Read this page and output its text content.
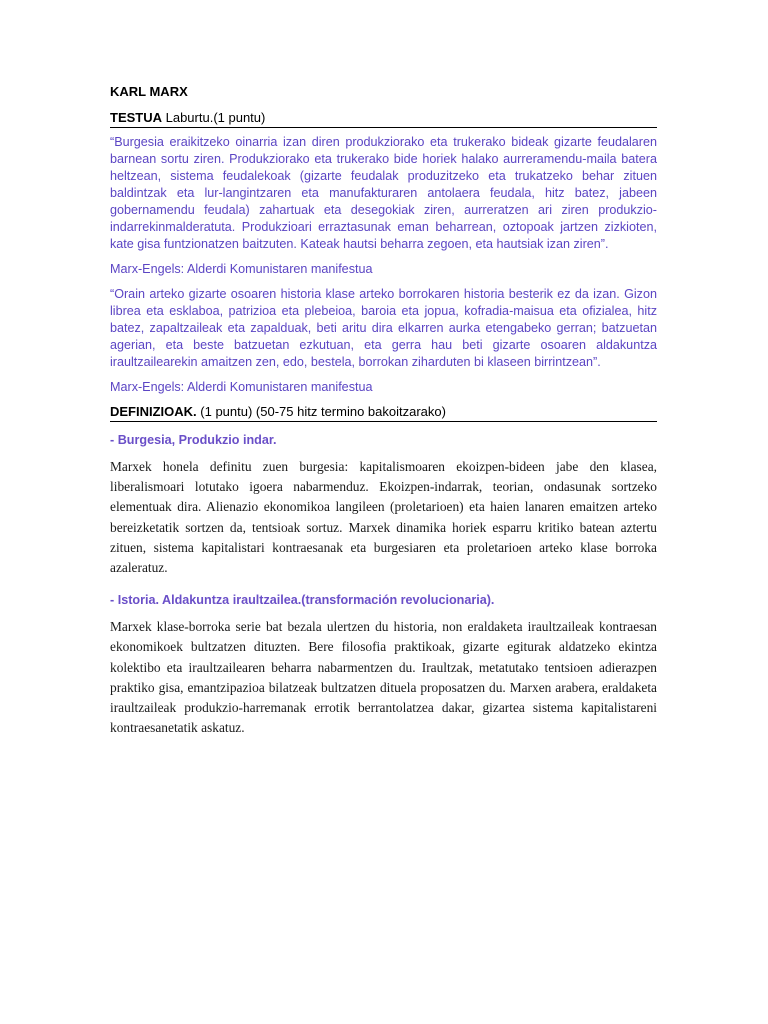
KARL MARX
TESTUA Laburtu.(1 puntu)

“Burgesia eraikitzeko oinarria izan diren produkziorako eta trukerako bideak gizarte feudalaren barnean sortu ziren. Produkziorako eta trukerako bide horiek halako aurreramendu-maila batera heltzean, sistema feudalekoak (gizarte feudalak produzitzeko eta trukatzeko behar zituen baldintzak eta lur-langintzaren eta manufakturaren antolaera feudala, hitz batez, jabeen gobernamendu feudala) zahartuak eta desegokiak ziren, aurreratzen ari ziren produkzio-indarrekinmalderatuta. Produkzioari erraztasunak eman beharrean, oztopoak jartzen zizkioten, kate gisa funtzionatzen baitzuten. Kateak hautsi beharra zegoen, eta hautsiak izan ziren”.

Marx-Engels: Alderdi Komunistaren manifestua

“Orain arteko gizarte osoaren historia klase arteko borrokaren historia besterik ez da izan. Gizon librea eta esklaboa, patrizioa eta plebeioa, baroia eta jopua, kofradia-maisua eta ofizialea, hitz batez, zapaltzaileak eta zapalduak, beti aritu dira elkarren aurka etengabeko gerran; batzuetan agerian, eta beste batzuetan ezkutuan, eta gerra hau beti gizarte osoaren aldakuntza iraultzailearekin amaitzen zen, edo, bestela, borrokan ziharduten bi klaseen birrintzean”.

Marx-Engels: Alderdi Komunistaren manifestua

DEFINIZIOAK. (1 puntu) (50-75 hitz termino bakoitzarako)
- Burgesia, Produkzio indar.

Marxek honela definitu zuen burgesia: kapitalismoaren ekoizpen-bideen jabe den klasea, liberalismoari lotutako igoera nabarmenduz. Ekoizpen-indarrak, teorian, ondasunak sortzeko elementuak dira. Alienazio ekonomikoa langileen (proletarioen) eta haien lanaren emaitzen arteko bereizketatik sortzen da, tentsioak sortuz. Marxek dinamika horiek esparru kritiko batean aztertu zituen, sistema kapitalistari kontraesanak eta burgesiaren eta proletarioen arteko klase borroka azaleratuz.

- Istoria. Aldakuntza iraultzailea.(transformación revolucionaria).

Marxek klase-borroka serie bat bezala ulertzen du historia, non eraldaketa iraultzaileak kontraesan ekonomikoek bultzatzen dituzten. Bere filosofia praktikoak, gizarte egiturak aldatzeko ekintza kolektibo eta iraultzailearen beharra nabarmentzen du. Iraultzak, metatutako tentsioen adierazpen praktiko gisa, emantzipazioa bilatzeak bultzatzen dituela proposatzen du. Marxen arabera, eraldaketa iraultzaileak produkzio-harremanak errotik berrantolatzea dakar, gizartea sistema kapitalistareni kontraesanetatik askatuz.
